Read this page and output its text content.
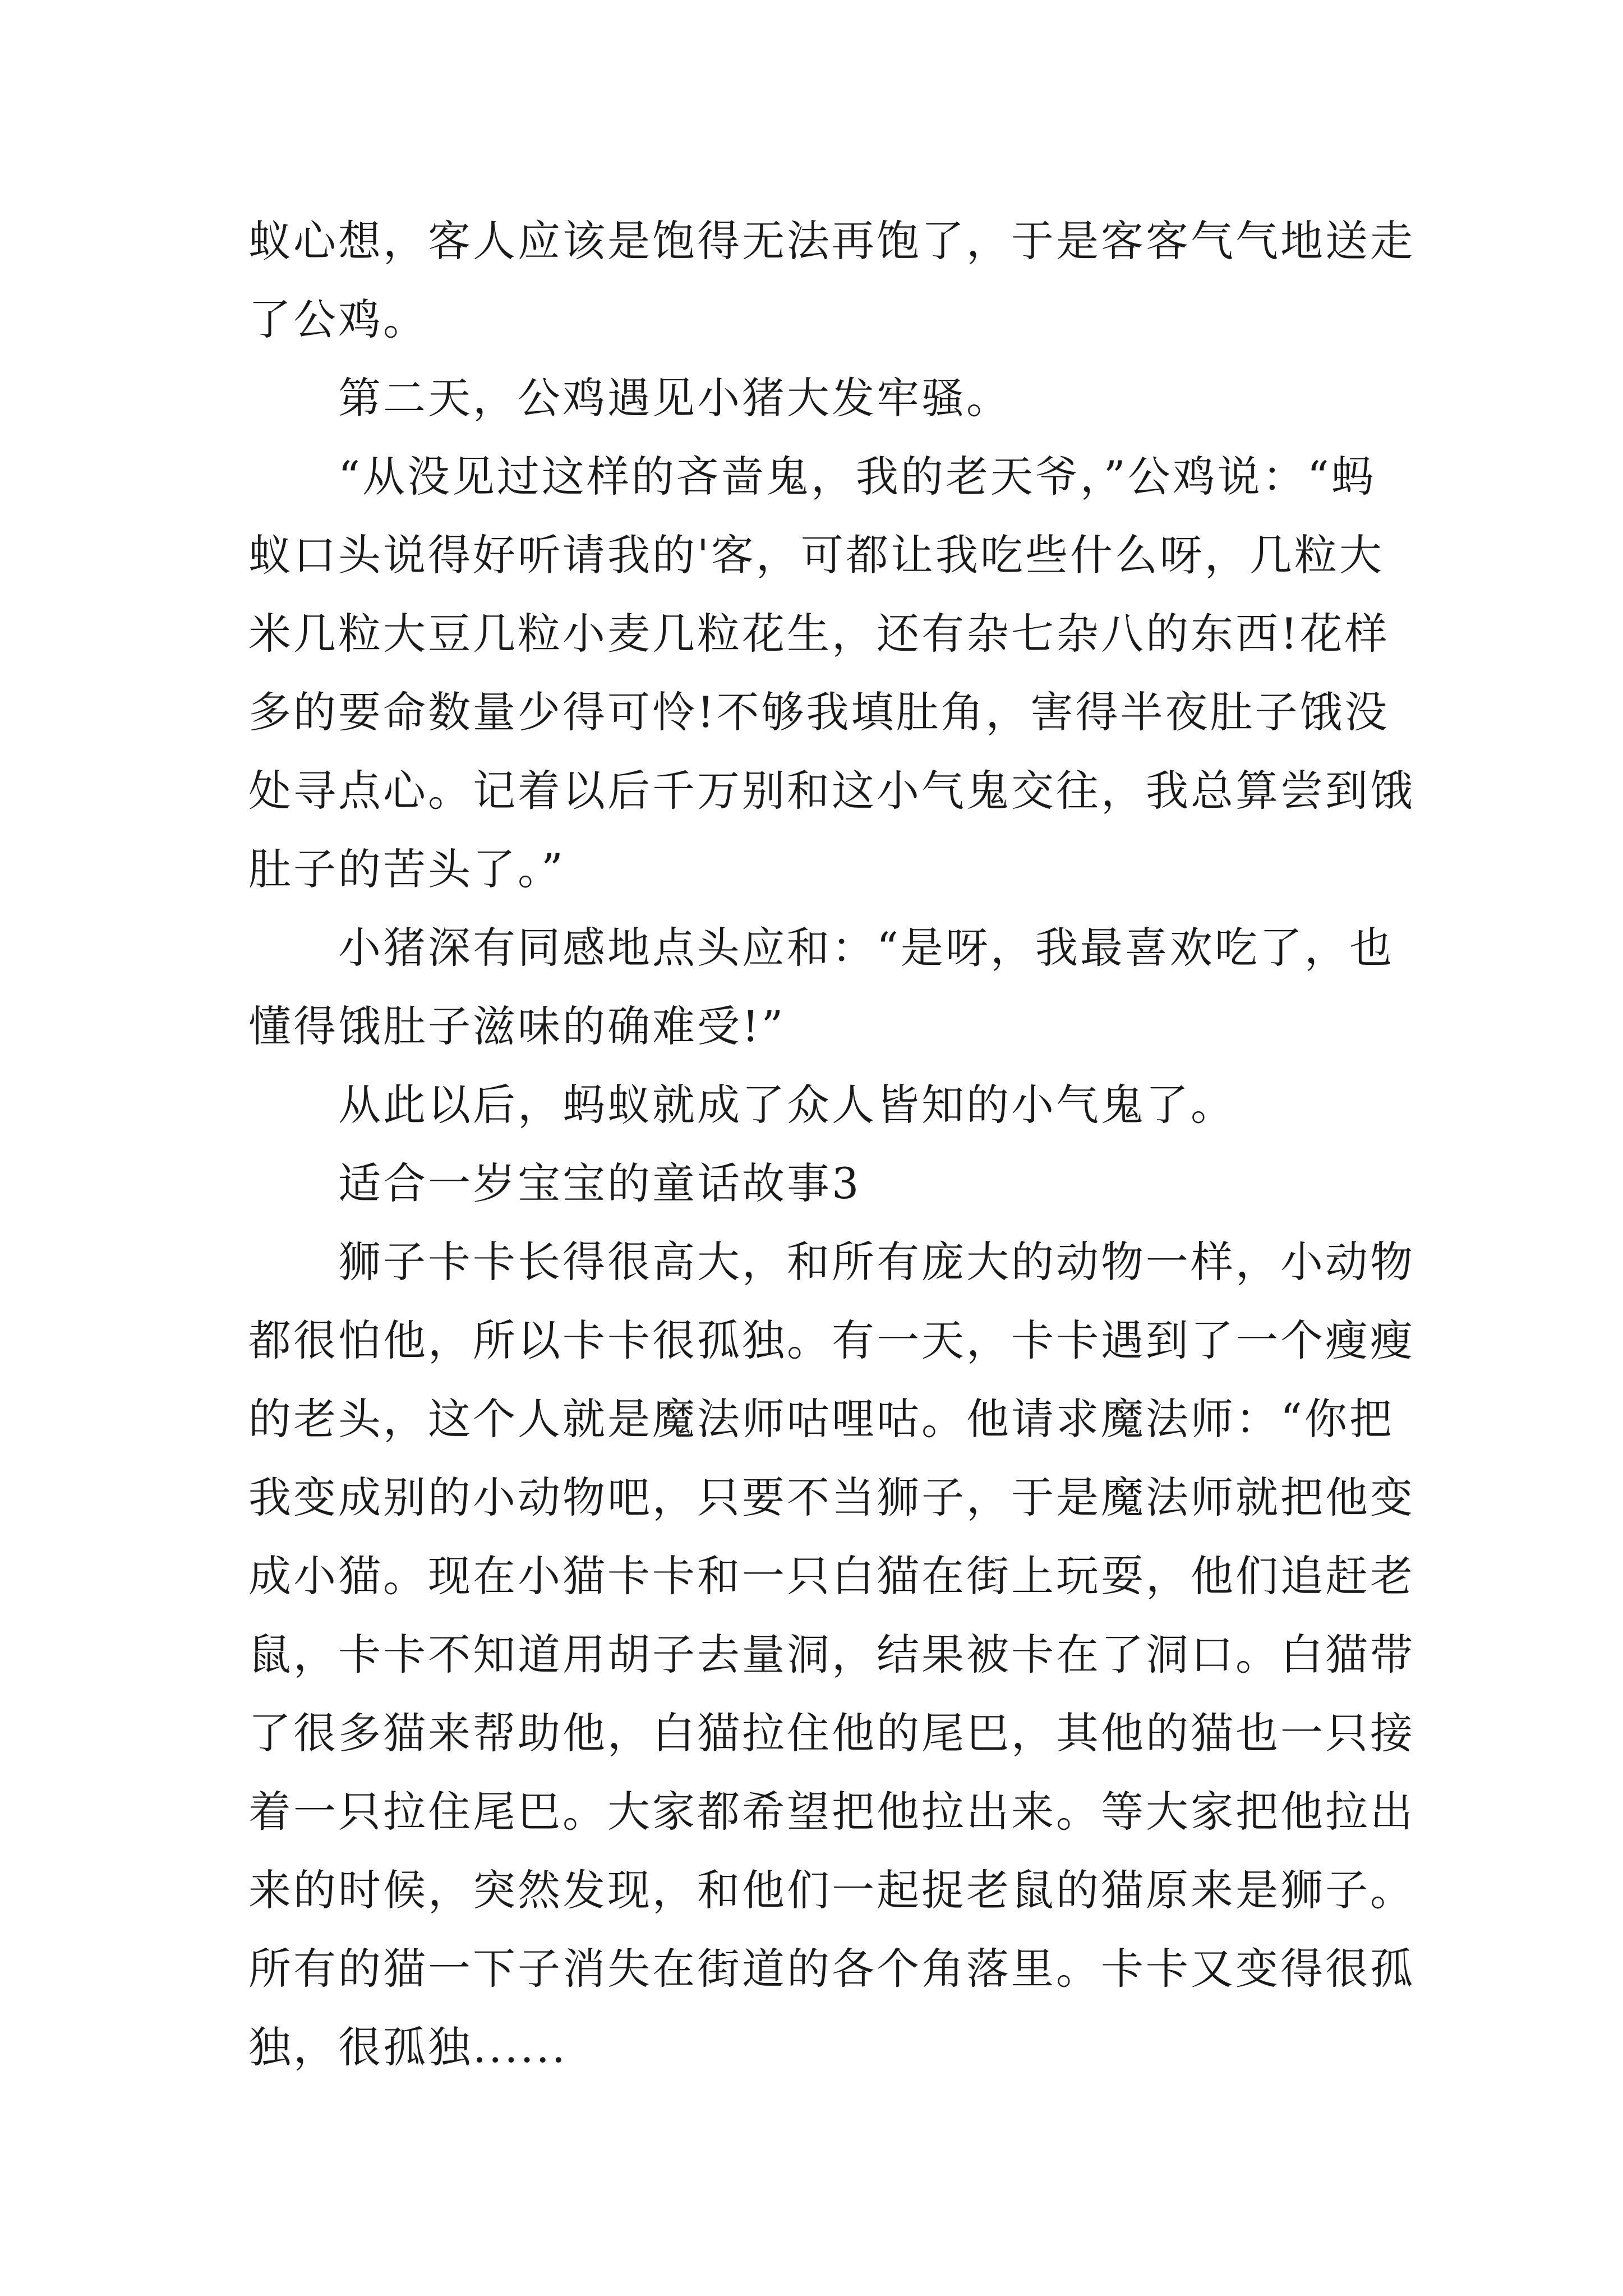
蚁心想，客人应该是饱得无法再饱了，于是客客气气地送走
了公鸡。
第二天，公鸡遇见小猪大发牢骚。
“从没见过这样的吝啬鬼，我的老天爷，”公鸡说：“蚂
蚁口头说得好听请我的'客，可都让我吃些什么呀，几粒大
米几粒大豆几粒小麦几粒花生，还有杂七杂八的东西!花样
多的要命数量少得可怜!不够我填肚角，害得半夜肚子饿没
处寻点心。记着以后千万别和这小气鬼交往，我总算尝到饿
肚子的苦头了。”
小猪深有同感地点头应和：“是呀，我最喜欢吃了，也
懂得饿肚子滋味的确难受!”
从此以后，蚂蚁就成了众人皆知的小气鬼了。
适合一岁宝宝的童话故事3
狮子卡卡长得很高大，和所有庞大的动物一样，小动物
都很怕他，所以卡卡很孤独。有一天，卡卡遇到了一个瘦瘦
的老头，这个人就是魔法师咕哩咕。他请求魔法师：“你把
我变成别的小动物吧，只要不当狮子，于是魔法师就把他变
成小猫。现在小猫卡卡和一只白猫在街上玩耍，他们追赶老
鼠，卡卡不知道用胡子去量洞，结果被卡在了洞口。白猫带
了很多猫来帮助他，白猫拉住他的尾巴，其他的猫也一只接
着一只拉住尾巴。大家都希望把他拉出来。等大家把他拉出
来的时候，突然发现，和他们一起捉老鼠的猫原来是狮子。
所有的猫一下子消失在街道的各个角落里。卡卡又变得很孤
独，很孤独......
